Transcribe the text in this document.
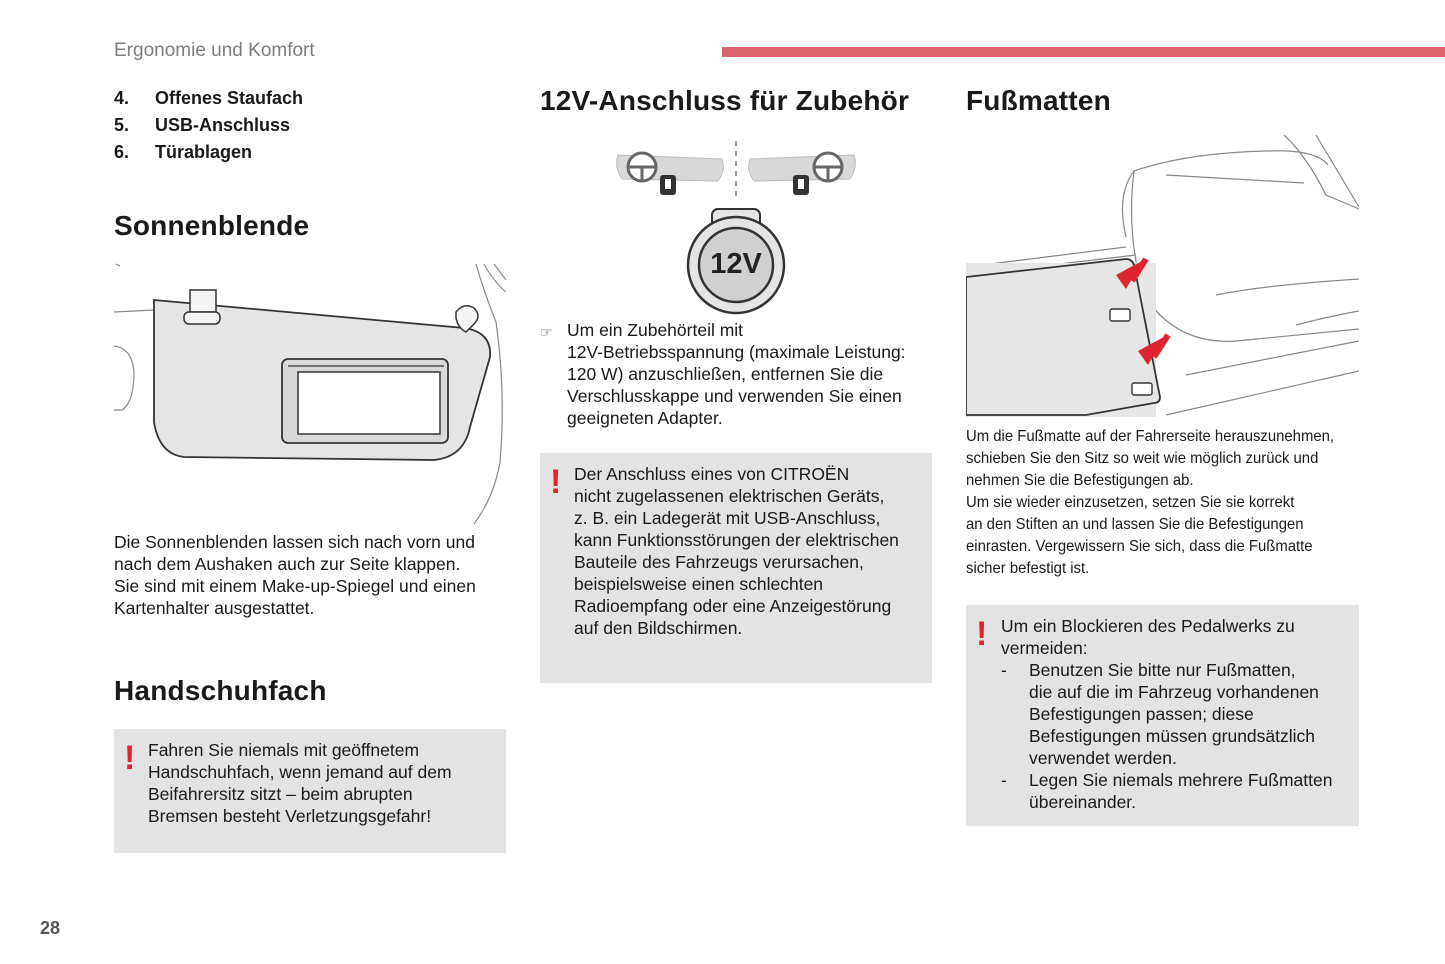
Ergonomie und Komfort
4.	Offenes Staufach
5.	USB-Anschluss
6.	Türablagen
Sonnenblende
Die Sonnenblenden lassen sich nach vorn und
nach dem Aushaken auch zur Seite klappen.
Sie sind mit einem Make-up-Spiegel und einen
Kartenhalter ausgestattet.
Handschuhfach
! Fahren Sie niemals mit geöffnetem
Handschuhfach, wenn jemand auf dem
Beifahrersitz sitzt – beim abrupten
Bremsen besteht Verletzungsgefahr!
12V-Anschluss für Zubehör
12V
☞ Um ein Zubehörteil mit
12V-Betriebsspannung (maximale Leistung:
120 W) anzuschließen, entfernen Sie die
Verschlusskappe und verwenden Sie einen
geeigneten Adapter.
! Der Anschluss eines von CITROËN
nicht zugelassenen elektrischen Geräts,
z. B. ein Ladegerät mit USB-Anschluss,
kann Funktionsstörungen der elektrischen
Bauteile des Fahrzeugs verursachen,
beispielsweise einen schlechten
Radioempfang oder eine Anzeigestörung
auf den Bildschirmen.
Fußmatten
Um die Fußmatte auf der Fahrerseite herauszunehmen,
schieben Sie den Sitz so weit wie möglich zurück und
nehmen Sie die Befestigungen ab.
Um sie wieder einzusetzen, setzen Sie sie korrekt
an den Stiften an und lassen Sie die Befestigungen
einrasten. Vergewissern Sie sich, dass die Fußmatte
sicher befestigt ist.
! Um ein Blockieren des Pedalwerks zu
vermeiden:
-	Benutzen Sie bitte nur Fußmatten,
die auf die im Fahrzeug vorhandenen
Befestigungen passen; diese
Befestigungen müssen grundsätzlich
verwendet werden.
-	Legen Sie niemals mehrere Fußmatten
übereinander.
28
